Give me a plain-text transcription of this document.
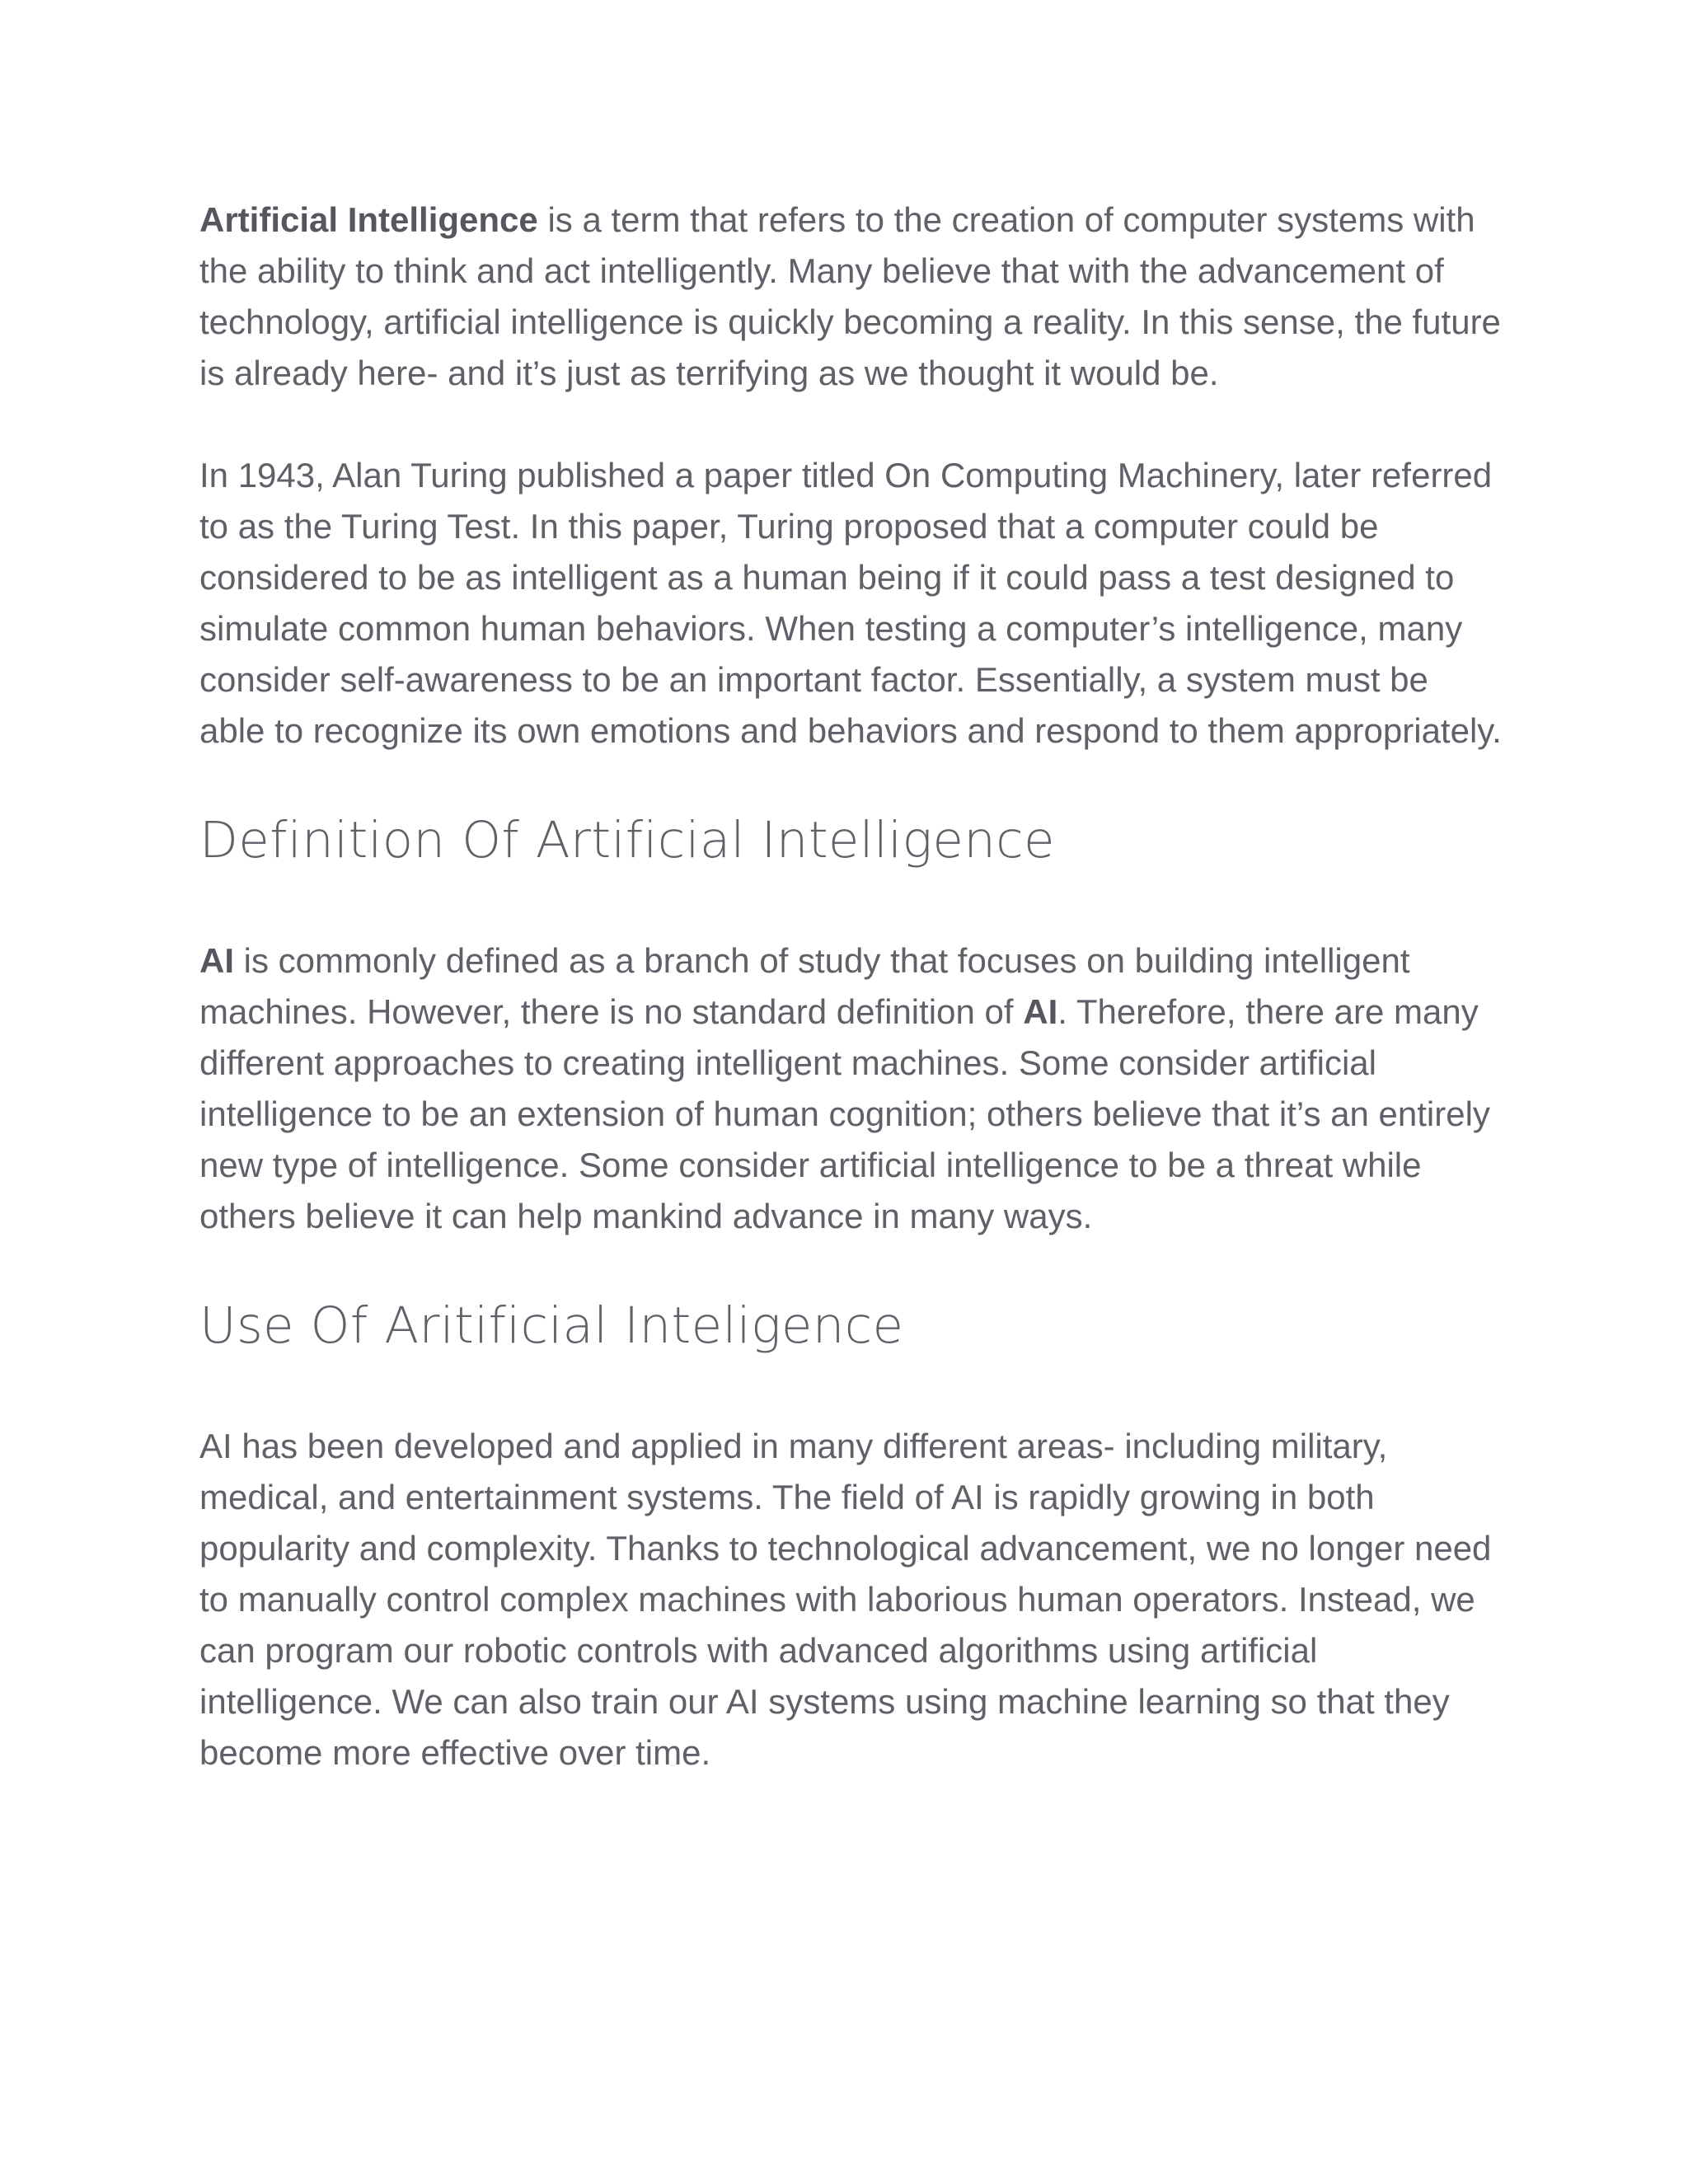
Artificial Intelligence is a term that refers to the creation of computer systems with the ability to think and act intelligently. Many believe that with the advancement of technology, artificial intelligence is quickly becoming a reality. In this sense, the future is already here- and it’s just as terrifying as we thought it would be.

In 1943, Alan Turing published a paper titled On Computing Machinery, later referred to as the Turing Test. In this paper, Turing proposed that a computer could be considered to be as intelligent as a human being if it could pass a test designed to simulate common human behaviors. When testing a computer’s intelligence, many consider self-awareness to be an important factor. Essentially, a system must be able to recognize its own emotions and behaviors and respond to them appropriately.

Definition Of Artificial Intelligence

AI is commonly defined as a branch of study that focuses on building intelligent machines. However, there is no standard definition of AI. Therefore, there are many different approaches to creating intelligent machines. Some consider artificial intelligence to be an extension of human cognition; others believe that it’s an entirely new type of intelligence. Some consider artificial intelligence to be a threat while others believe it can help mankind advance in many ways.

Use Of Aritificial Inteligence

AI has been developed and applied in many different areas- including military, medical, and entertainment systems. The field of AI is rapidly growing in both popularity and complexity. Thanks to technological advancement, we no longer need to manually control complex machines with laborious human operators. Instead, we can program our robotic controls with advanced algorithms using artificial intelligence. We can also train our AI systems using machine learning so that they become more effective over time.
